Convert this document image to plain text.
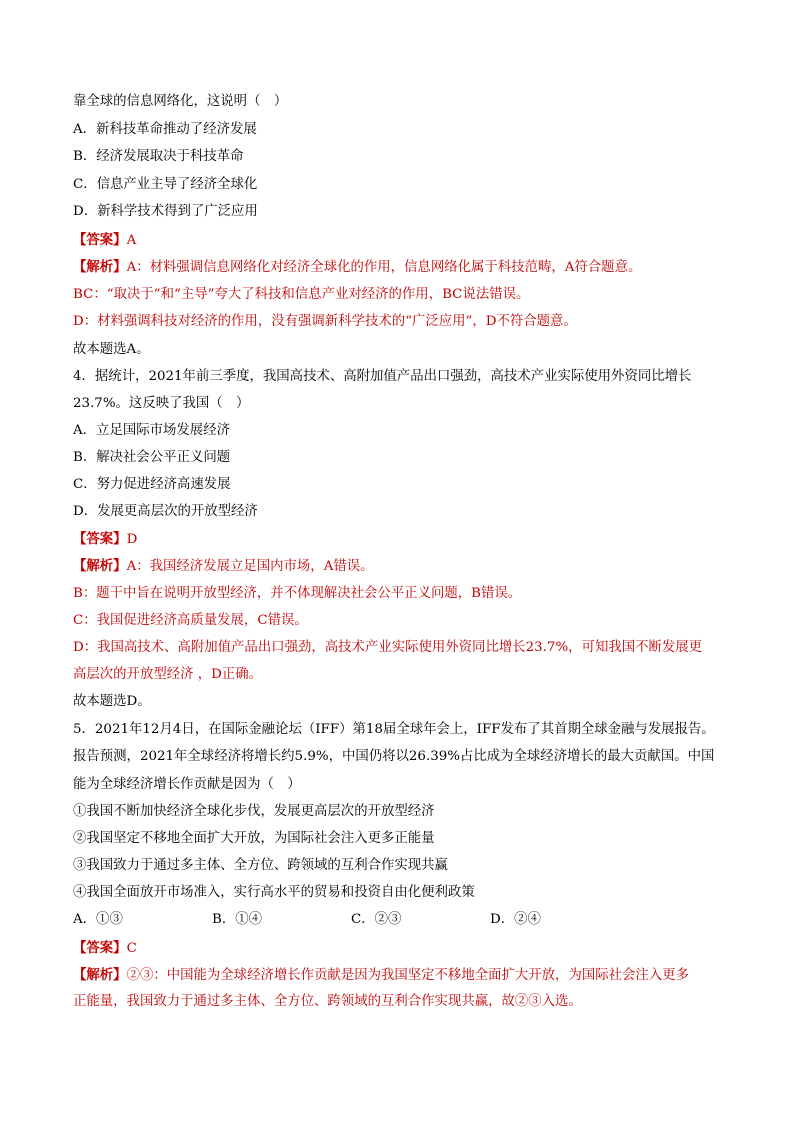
靠全球的信息网络化，这说明（　）
A．新科技革命推动了经济发展
B．经济发展取决于科技革命
C．信息产业主导了经济全球化
D．新科学技术得到了广泛应用
【答案】A
【解析】A：材料强调信息网络化对经济全球化的作用，信息网络化属于科技范畴，A符合题意。
BC：“取决于”和“主导”夸大了科技和信息产业对经济的作用，BC说法错误。
D：材料强调科技对经济的作用，没有强调新科学技术的“广泛应用”，D不符合题意。
故本题选A。
4．据统计，2021年前三季度，我国高技术、高附加值产品出口强劲，高技术产业实际使用外资同比增长
23.7%。这反映了我国（　）
A．立足国际市场发展经济
B．解决社会公平正义问题
C．努力促进经济高速发展
D．发展更高层次的开放型经济
【答案】D
【解析】A：我国经济发展立足国内市场，A错误。
B：题干中旨在说明开放型经济，并不体现解决社会公平正义问题，B错误。
C：我国促进经济高质量发展，C错误。
D：我国高技术、高附加值产品出口强劲，高技术产业实际使用外资同比增长23.7%，可知我国不断发展更
高层次的开放型经济 ，D正确。
故本题选D。
5．2021年12月4日，在国际金融论坛（IFF）第18届全球年会上，IFF发布了其首期全球金融与发展报告。
报告预测，2021年全球经济将增长约5.9%，中国仍将以26.39%占比成为全球经济增长的最大贡献国。中国
能为全球经济增长作贡献是因为（　）
①我国不断加快经济全球化步伐，发展更高层次的开放型经济
②我国坚定不移地全面扩大开放，为国际社会注入更多正能量
③我国致力于通过多主体、全方位、跨领域的互利合作实现共赢
④我国全面放开市场准入，实行高水平的贸易和投资自由化便利政策
A．①③	B．①④	C．②③	D．②④
【答案】C
【解析】②③：中国能为全球经济增长作贡献是因为我国坚定不移地全面扩大开放，为国际社会注入更多
正能量，我国致力于通过多主体、全方位、跨领域的互利合作实现共赢，故②③入选。
